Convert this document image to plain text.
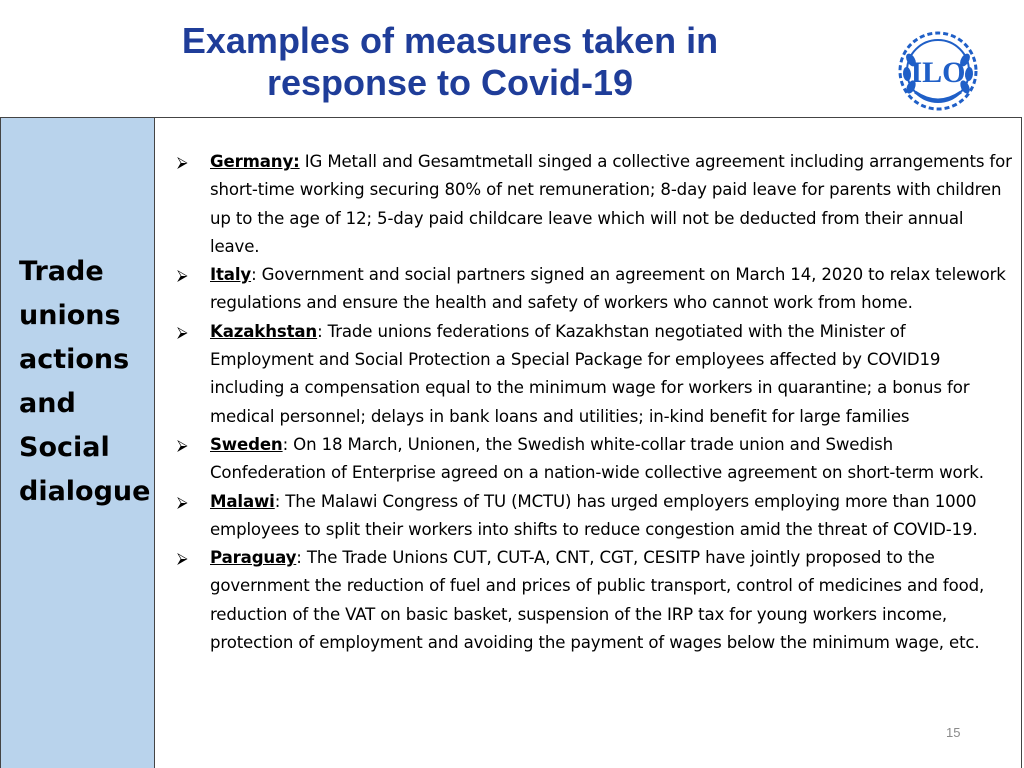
Examples of measures taken in
response to Covid-19	ILO
Trade
unions
actions
and
Social
dialogue
⮚ Germany: IG Metall and Gesamtmetall singed a collective agreement including arrangements for short-time working securing 80% of net remuneration; 8-day paid leave for parents with children up to the age of 12; 5-day paid childcare leave which will not be deducted from their annual leave.
⮚ Italy: Government and social partners signed an agreement on March 14, 2020 to relax telework regulations and ensure the health and safety of workers who cannot work from home.
⮚ Kazakhstan: Trade unions federations of Kazakhstan negotiated with the Minister of Employment and Social Protection a Special Package for employees affected by COVID19 including a compensation equal to the minimum wage for workers in quarantine; a bonus for medical personnel; delays in bank loans and utilities; in-kind benefit for large families
⮚ Sweden: On 18 March, Unionen, the Swedish white-collar trade union and Swedish Confederation of Enterprise agreed on a nation-wide collective agreement on short-term work.
⮚ Malawi: The Malawi Congress of TU (MCTU) has urged employers employing more than 1000 employees to split their workers into shifts to reduce congestion amid the threat of COVID-19.
⮚ Paraguay: The Trade Unions CUT, CUT-A, CNT, CGT, CESITP have jointly proposed to the government the reduction of fuel and prices of public transport, control of medicines and food, reduction of the VAT on basic basket, suspension of the IRP tax for young workers income, protection of employment and avoiding the payment of wages below the minimum wage, etc.
15
